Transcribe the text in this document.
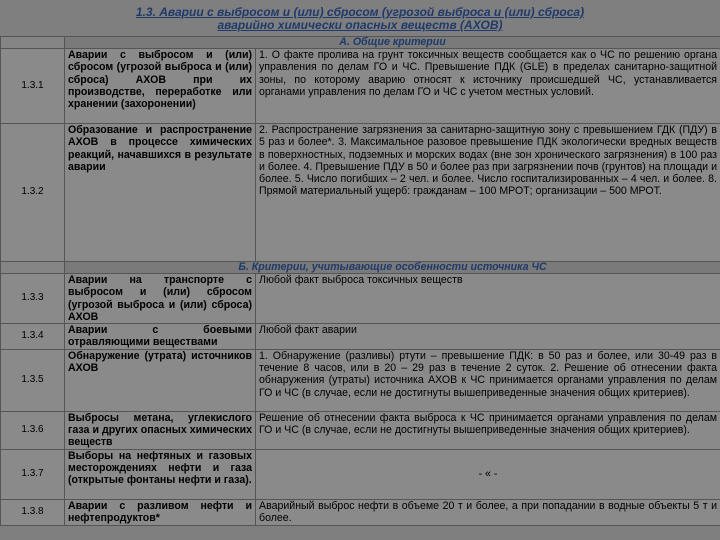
1.3. Аварии с выбросом и (или) сбросом (угрозой выброса и (или) сброса)
аварийно химически опасных веществ (АХОВ)
	А. Общие критерии	
1.3.1	Аварии с выбросом и (или) сбросом (угрозой выброса и (или) сброса) АХОВ при их производстве, переработке или хранении (захоронении)	1. О факте пролива на грунт токсичных веществ сообщается как о ЧС по решению органа управления по делам ГО и ЧС. Превышение ПДК (GLE) в пределах санитарно-защитной зоны, по которому аварию относят к источнику происшедшей ЧС, устанавливается органами управления по делам ГО и ЧС с учетом местных условий.
1.3.2	Образование и распространение АХОВ в процессе химических реакций, начавшихся в результате аварии	2. Распространение загрязнения за санитарно-защитную зону с превышением ГДК (ПДУ) в 5 раз и более*. 3. Максимальное разовое превышение ПДК экологически вредных веществ в поверхностных, подземных и морских водах (вне зон хронического загрязнения) в 100 раз и более. 4. Превышение ПДУ в 50 и более раз при загрязнении почв (грунтов) на площади и более. 5. Число погибших – 2 чел. и более. Число госпитализированных – 4 чел. и более. 8. Прямой материальный ущерб: гражданам – 100 МРОТ; организации – 500 МРОТ.
	Б. Критерии, учитывающие особенности источника ЧС	
1.3.3	Аварии на транспорте с выбросом и (или) сбросом (угрозой выброса и (или) сброса) АХОВ	Любой факт выброса токсичных веществ
1.3.4	Аварии с боевыми отравляющими веществами	Любой факт аварии
1.3.5	Обнаружение (утрата) источников АХОВ	1. Обнаружение (разливы) ртути – превышение ПДК: в 50 раз и более, или 30-49 раз в течение 8 часов, или в 20 – 29 раз в течение 2 суток. 2. Решение об отнесении факта обнаружения (утраты) источника АХОВ к ЧС принимается органами управления по делам ГО и ЧС (в случае, если не достигнуты вышеприведенные значения общих критериев).
1.3.6	Выбросы метана, углекислого газа и других опасных химических веществ	Решение об отнесении факта выброса к ЧС принимается органами управления по делам ГО и ЧС (в случае, если не достигнуты вышеприведенные значения общих критериев).
1.3.7	Выборы на нефтяных и газовых месторождениях нефти и газа (открытые фонтаны нефти и газа).	- « -

1.3.8	Аварии с разливом нефти и нефтепродуктов*	Аварийный выброс нефти в объеме 20 т и более, а при попадании в водные объекты 5 т и более.
